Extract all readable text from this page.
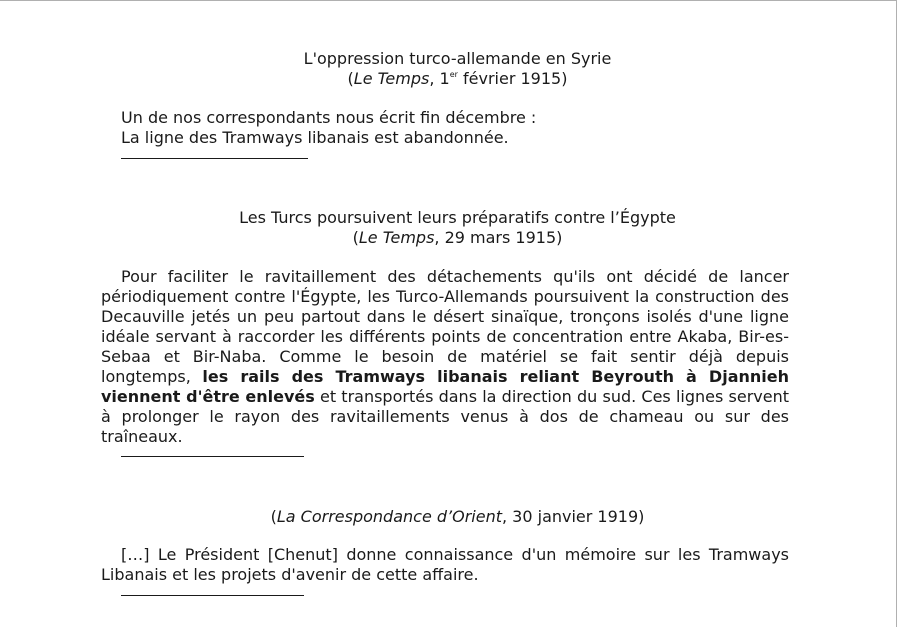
L'oppression turco-allemande en Syrie
(Le Temps, 1er février 1915)
Un de nos correspondants nous écrit fin décembre :
La ligne des Tramways libanais est abandonnée.
Les Turcs poursuivent leurs préparatifs contre l’Égypte
(Le Temps, 29 mars 1915)
Pour faciliter le ravitaillement des détachements qu'ils ont décidé de lancer périodiquement contre l'Égypte, les Turco-Allemands poursuivent la construction des Decauville jetés un peu partout dans le désert sinaïque, tronçons isolés d'une ligne idéale servant à raccorder les différents points de concentration entre Akaba, Bir-es-Sebaa et Bir-Naba. Comme le besoin de matériel se fait sentir déjà depuis longtemps, les rails des Tramways libanais reliant Beyrouth à Djannieh viennent d'être enlevés et transportés dans la direction du sud. Ces lignes servent à prolonger le rayon des ravitaillements venus à dos de chameau ou sur des traîneaux.
(La Correspondance d’Orient, 30 janvier 1919)
[…] Le Président [Chenut] donne connaissance d'un mémoire sur les Tramways Libanais et les projets d'avenir de cette affaire.
